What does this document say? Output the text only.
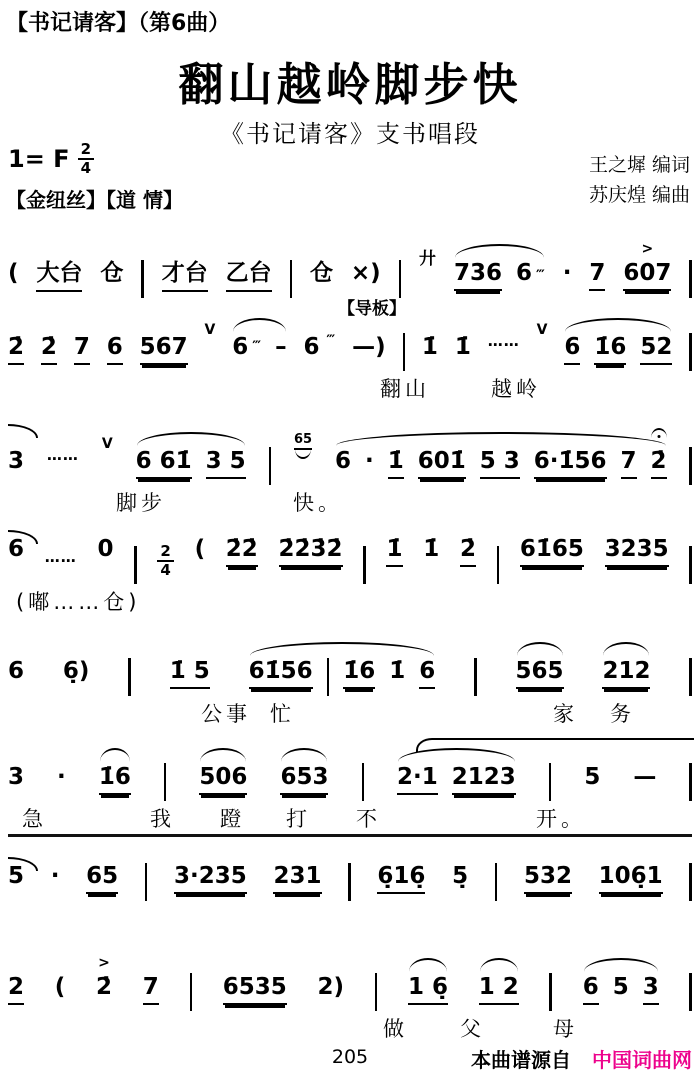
【书记请客】（第6曲）
翻山越岭脚步快
《书记请客》支书唱段
1= F $\frac{2}{4}$	王之墀 编词
苏庆煌 编曲
【金纽丝】【道 情】
( 大台 仓 才台 乙台 仓 ×)
廾
736 6 ‴ · 7 607
>
【导板】
2̇ 2̇ 7 6 567
V
6 ‴ – 6 ‴ —) 1̇ 1̇ ……
V
6 1̇6 52
翻山	越岭
3 ……
V
6 61̇ 3 5
65
6 · 1̇ 601̇ 5 3 6·1̇56 7 2̇
脚步	快。
6 …… 0	$\frac{2}{4}$ ( 2̇2̇ 2̇2̇3̇2̇ 1̇ 1̇ 2̇ 61̇65 3235
(嘟……仓)
6 6̣)	1̇ 5 61̇56 1̇6 1̇ 6	565 212
公事 忙	家 务
3 · 1̇6	506 653	2·1 2123	5 —
急	我 蹬 打 不	开。
5 · 65 3·235 231 6̣16̣ 5̣ 532 106̣1
2 ( 2̇
>
7	6535 2)	1 6̣ 1 2	6 5 3
做 父	母
205	本曲谱源自 中国词曲网
